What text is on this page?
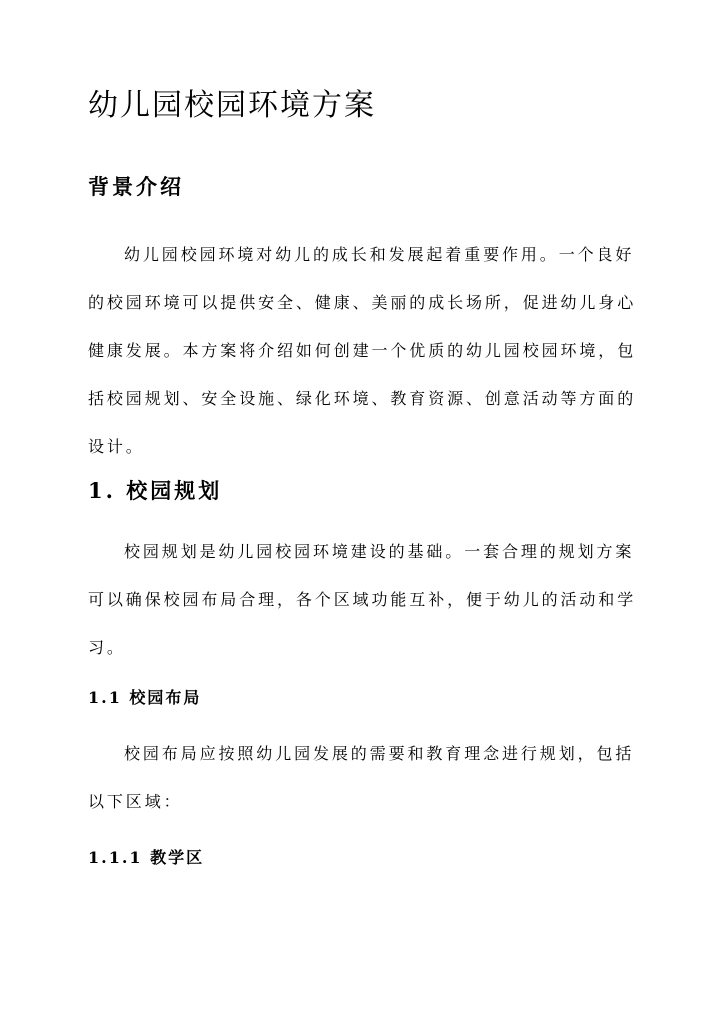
幼儿园校园环境方案
背景介绍
幼儿园校园环境对幼儿的成长和发展起着重要作用。一个良好
的校园环境可以提供安全、健康、美丽的成长场所，促进幼儿身心
健康发展。本方案将介绍如何创建一个优质的幼儿园校园环境，包
括校园规划、安全设施、绿化环境、教育资源、创意活动等方面的
设计。
1. 校园规划
校园规划是幼儿园校园环境建设的基础。一套合理的规划方案
可以确保校园布局合理，各个区域功能互补，便于幼儿的活动和学
习。
1.1 校园布局
校园布局应按照幼儿园发展的需要和教育理念进行规划，包括
以下区域：
1.1.1 教学区
